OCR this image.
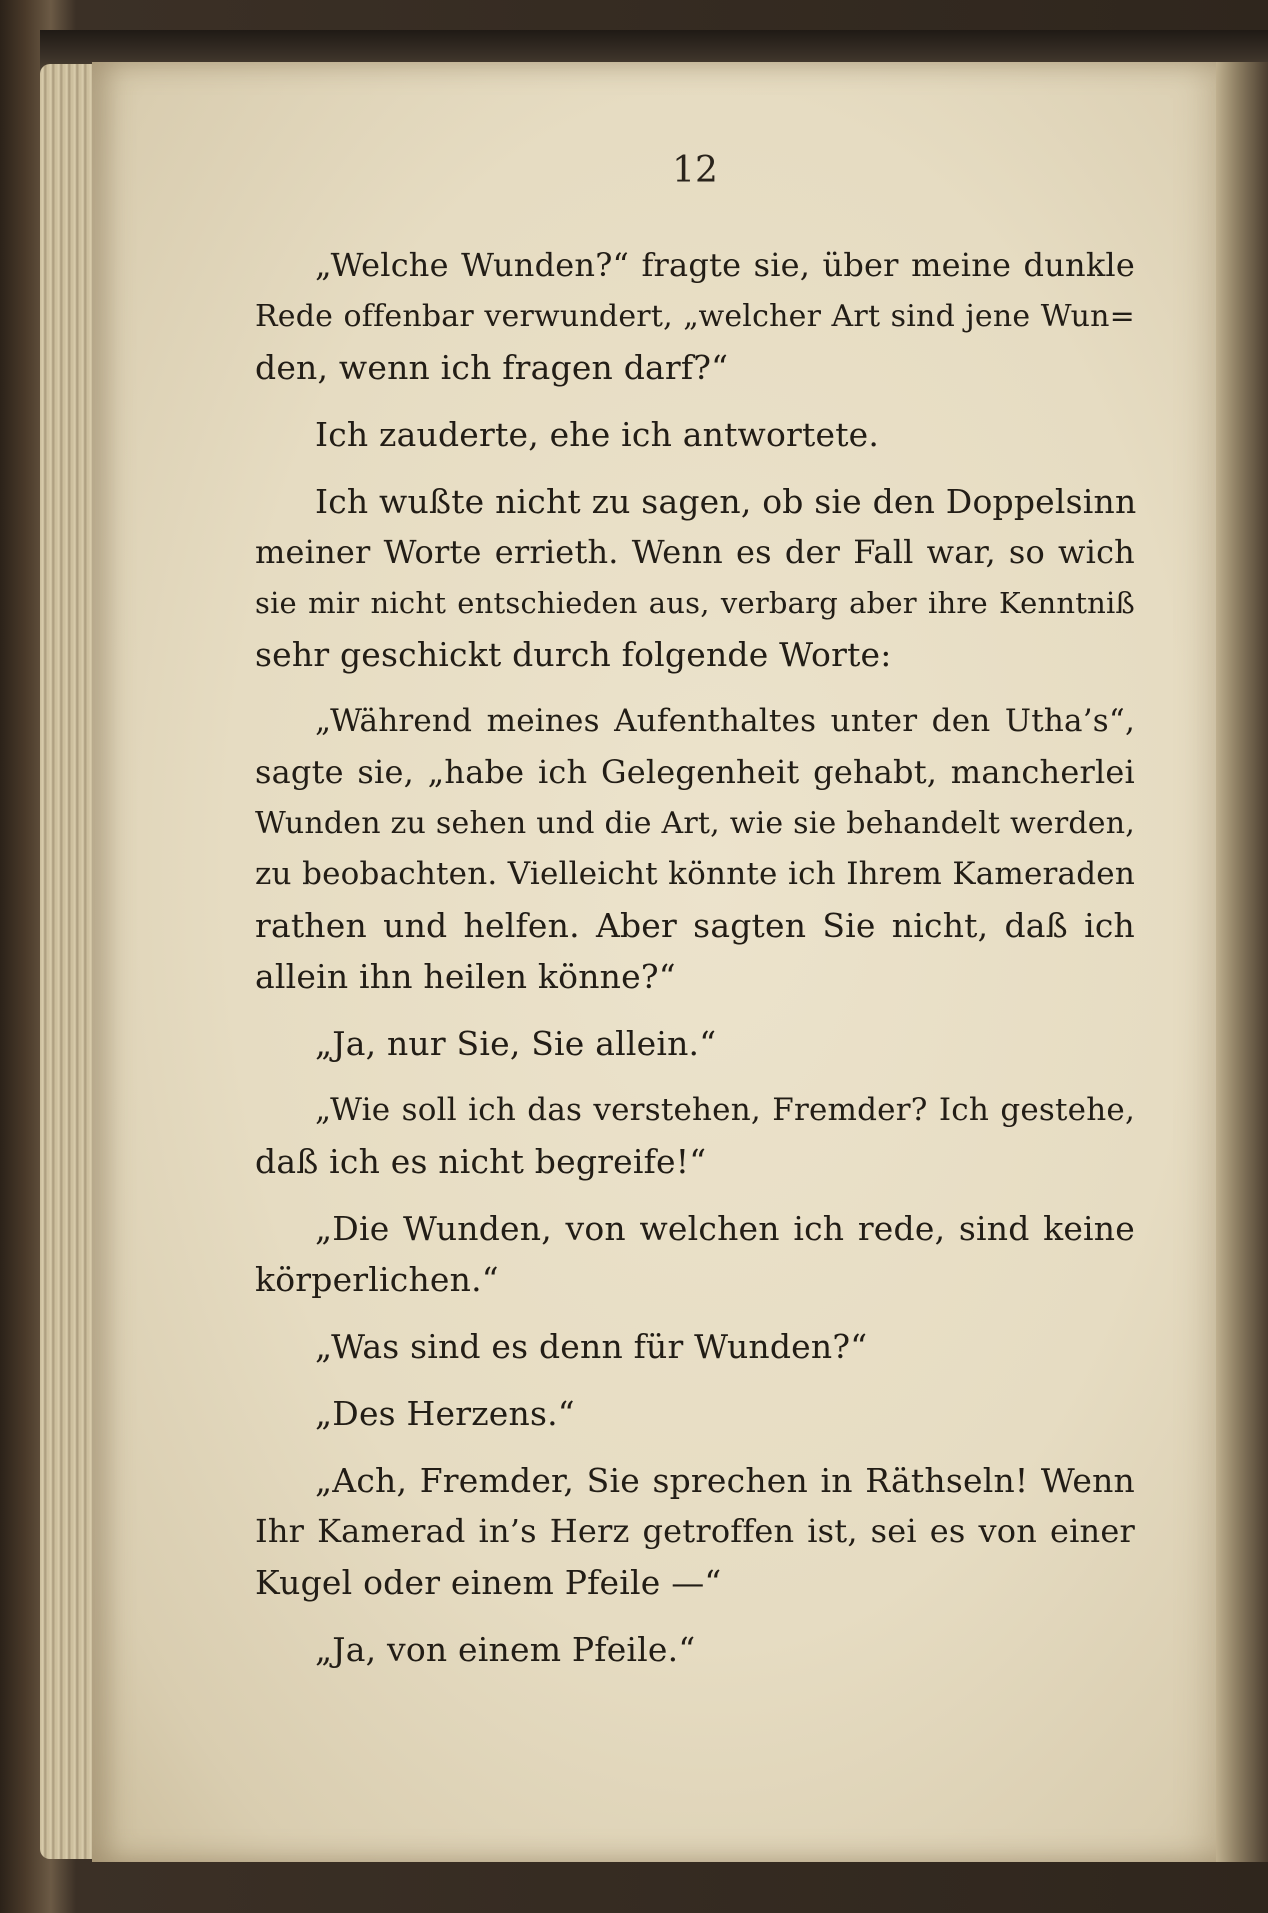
12
„Welche Wunden?“ fragte sie, über meine dunkle
Rede offenbar verwundert, „welcher Art sind jene Wun=
den, wenn ich fragen darf?“
Ich zauderte, ehe ich antwortete.
Ich wußte nicht zu sagen, ob sie den Doppelsinn
meiner Worte errieth. Wenn es der Fall war, so wich
sie mir nicht entschieden aus, verbarg aber ihre Kenntniß
sehr geschickt durch folgende Worte:
„Während meines Aufenthaltes unter den Utha’s“,
sagte sie, „habe ich Gelegenheit gehabt, mancherlei
Wunden zu sehen und die Art, wie sie behandelt werden,
zu beobachten. Vielleicht könnte ich Ihrem Kameraden
rathen und helfen. Aber sagten Sie nicht, daß ich
allein ihn heilen könne?“
„Ja, nur Sie, Sie allein.“
„Wie soll ich das verstehen, Fremder? Ich gestehe,
daß ich es nicht begreife!“
„Die Wunden, von welchen ich rede, sind keine
körperlichen.“
„Was sind es denn für Wunden?“
„Des Herzens.“
„Ach, Fremder, Sie sprechen in Räthseln! Wenn
Ihr Kamerad in’s Herz getroffen ist, sei es von einer
Kugel oder einem Pfeile —“
„Ja, von einem Pfeile.“
